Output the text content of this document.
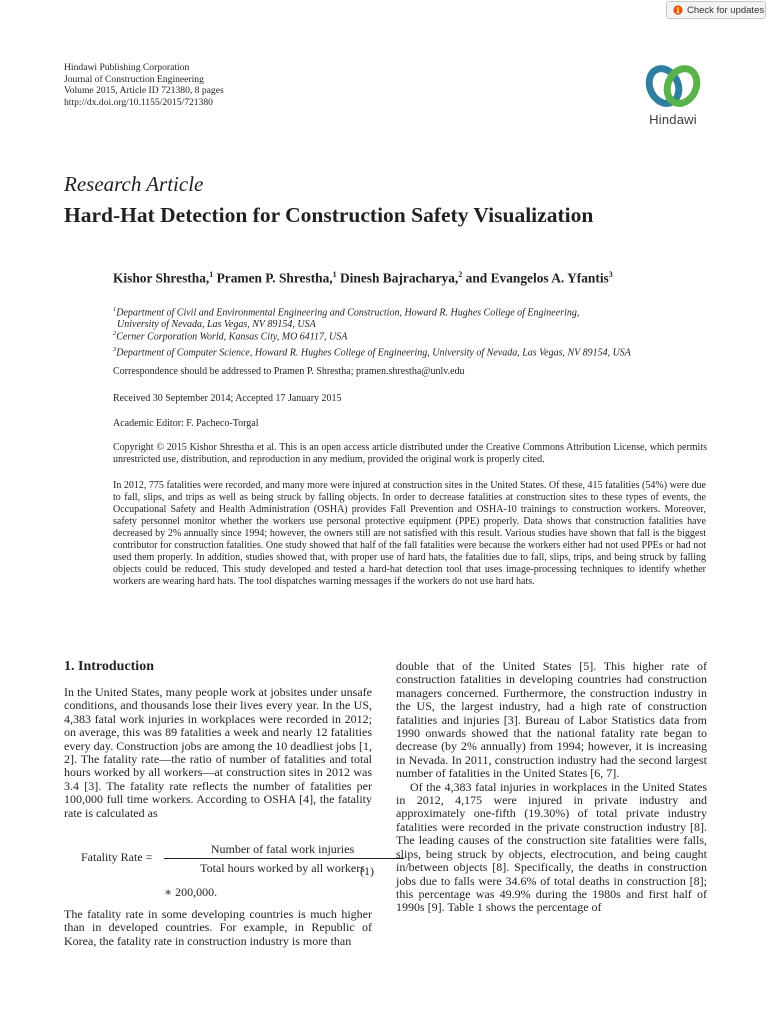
Check for updates
Hindawi Publishing Corporation
Journal of Construction Engineering
Volume 2015, Article ID 721380, 8 pages
http://dx.doi.org/10.1155/2015/721380
Hindawi
Research Article
Hard-Hat Detection for Construction Safety Visualization
Kishor Shrestha,$^1$ Pramen P. Shrestha,$^1$ Dinesh Bajracharya,$^2$ and Evangelos A. Yfantis$^3$
$^1$Department of Civil and Environmental Engineering and Construction, Howard R. Hughes College of Engineering,
University of Nevada, Las Vegas, NV 89154, USA
$^2$Cerner Corporation World, Kansas City, MO 64117, USA
$^3$Department of Computer Science, Howard R. Hughes College of Engineering, University of Nevada, Las Vegas, NV 89154, USA
Correspondence should be addressed to Pramen P. Shrestha; pramen.shrestha@unlv.edu
Received 30 September 2014; Accepted 17 January 2015
Academic Editor: F. Pacheco-Torgal
Copyright © 2015 Kishor Shrestha et al. This is an open access article distributed under the Creative Commons Attribution License, which permits unrestricted use, distribution, and reproduction in any medium, provided the original work is properly cited.
In 2012, 775 fatalities were recorded, and many more were injured at construction sites in the United States. Of these, 415 fatalities (54%) were due to fall, slips, and trips as well as being struck by falling objects. In order to decrease fatalities at construction sites to these types of events, the Occupational Safety and Health Administration (OSHA) provides Fall Prevention and OSHA-10 trainings to construction workers. Moreover, safety personnel monitor whether the workers use personal protective equipment (PPE) properly. Data shows that construction fatalities have decreased by 2% annually since 1994; however, the owners still are not satisfied with this result. Various studies have shown that fall is the biggest contributor for construction fatalities. One study showed that half of the fall fatalities were because the workers either had not used PPEs or had not used them properly. In addition, studies showed that, with proper use of hard hats, the fatalities due to fall, slips, trips, and being struck by falling objects could be reduced. This study developed and tested a hard-hat detection tool that uses image-processing techniques to identify whether workers are wearing hard hats. The tool dispatches warning messages if the workers do not use hard hats.
1. Introduction

In the United States, many people work at jobsites under unsafe conditions, and thousands lose their lives every year. In the US, 4,383 fatal work injuries in workplaces were recorded in 2012; on average, this was 89 fatalities a week and nearly 12 fatalities every day. Construction jobs are among the 10 deadliest jobs [1, 2]. The fatality rate—the ratio of number of fatalities and total hours worked by all workers—at construction sites in 2012 was 3.4 [3]. The fatality rate reflects the number of fatalities per 100,000 full time workers. According to OSHA [4], the fatality rate is calculated as

Fatality Rate =
Number of fatal work injuries
Total hours worked by all workers
(1)
∗ 200,000.

The fatality rate in some developing countries is much higher than in developed countries. For example, in Republic of Korea, the fatality rate in construction industry is more than

double that of the United States [5]. This higher rate of construction fatalities in developing countries had construction managers concerned. Furthermore, the construction industry in the US, the largest industry, had a high rate of construction fatalities and injuries [3]. Bureau of Labor Statistics data from 1990 onwards showed that the national fatality rate began to decrease (by 2% annually) from 1994; however, it is increasing in Nevada. In 2011, construction industry had the second largest number of fatalities in the United States [6, 7].

Of the 4,383 fatal injuries in workplaces in the United States in 2012, 4,175 were injured in private industry and approximately one-fifth (19.30%) of total private industry fatalities were recorded in the private construction industry [8]. The leading causes of the construction site fatalities were falls, slips, being struck by objects, electrocution, and being caught in/between objects [8]. Specifically, the deaths in construction jobs due to falls were 34.6% of total deaths in construction [8]; this percentage was 49.9% during the 1980s and first half of 1990s [9]. Table 1 shows the percentage of
